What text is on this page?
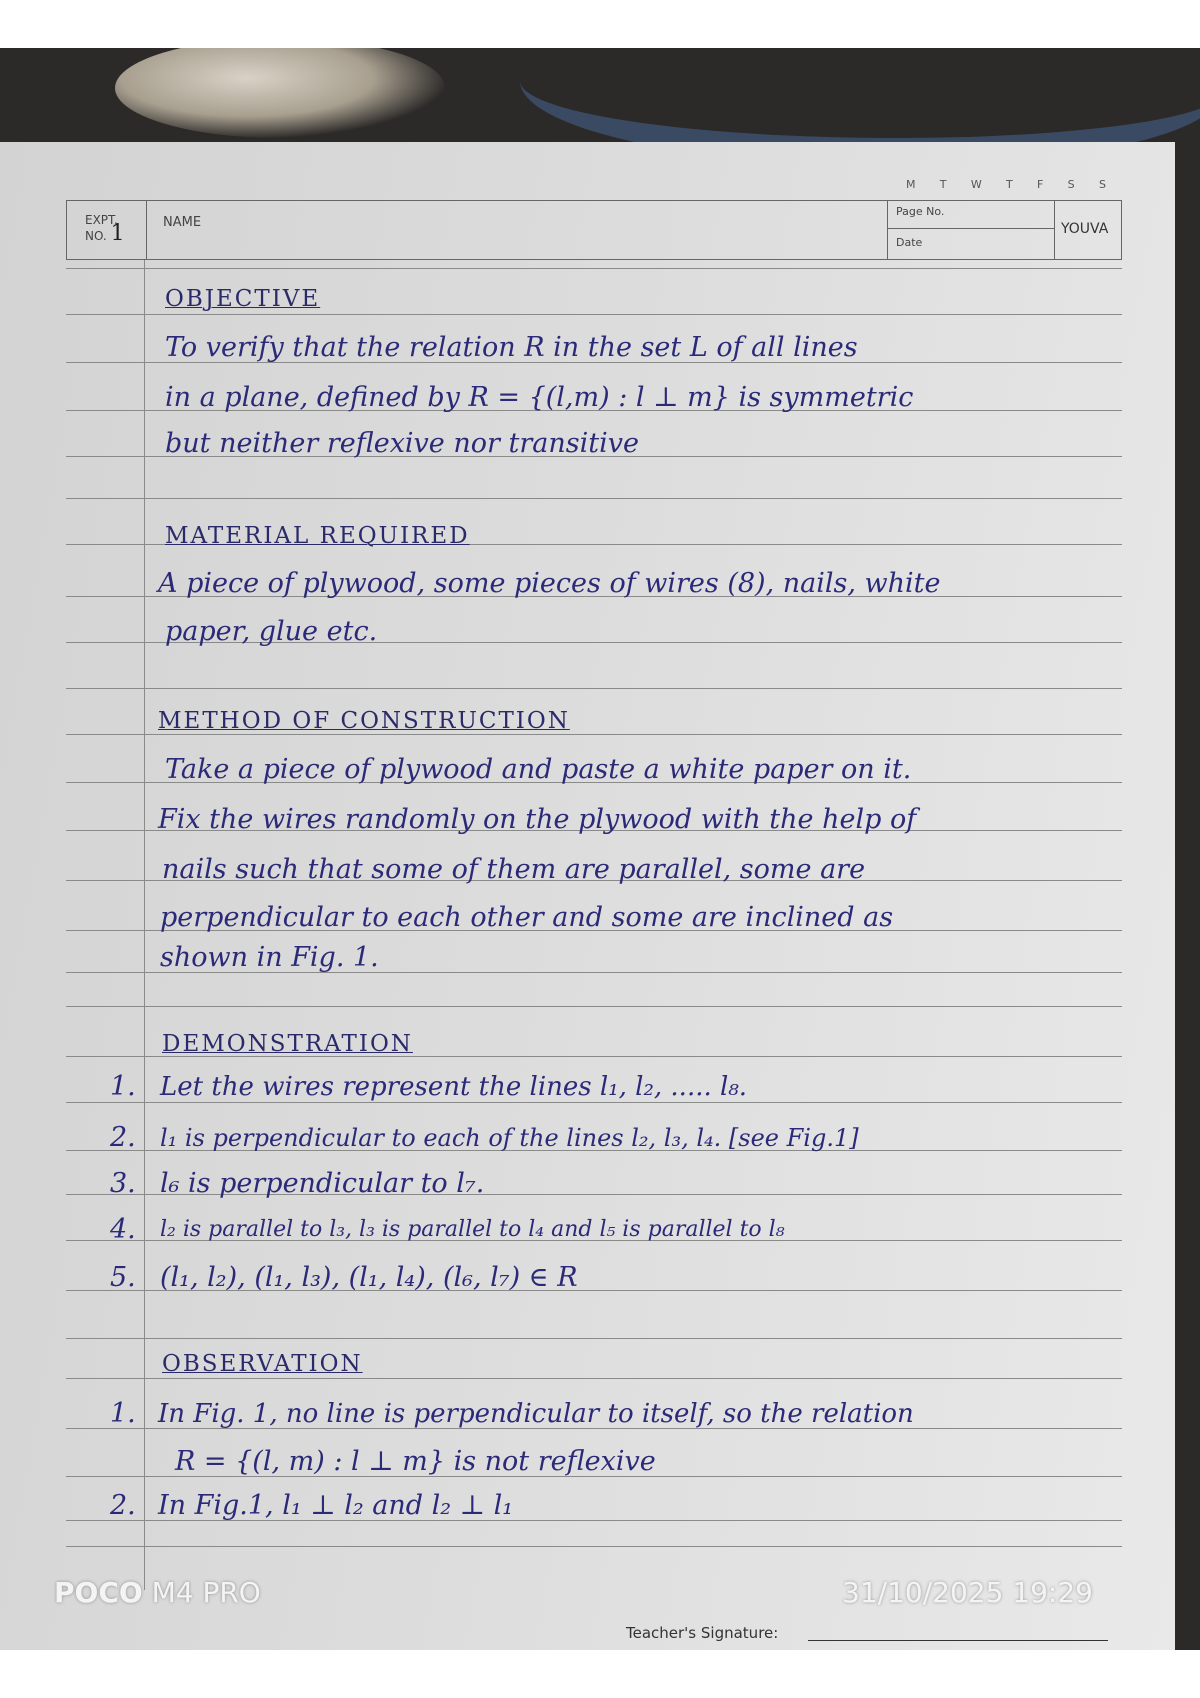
M T W T F S S
EXPT.
NO. 1	NAME
Page No.
Date
YOUVA
OBJECTIVE
To verify that the relation R in the set L of all lines
in a plane, defined by R = {(l,m) : l ⊥ m} is symmetric
but neither reflexive nor transitive
MATERIAL REQUIRED
A piece of plywood, some pieces of wires (8), nails, white
paper, glue etc.
METHOD OF CONSTRUCTION
Take a piece of plywood and paste a white paper on it.
Fix the wires randomly on the plywood with the help of
nails such that some of them are parallel, some are
perpendicular to each other and some are inclined as
shown in Fig. 1.
DEMONSTRATION
1. Let the wires represent the lines l₁, l₂, ..... l₈.
2. l₁ is perpendicular to each of the lines l₂, l₃, l₄. [see Fig.1]
3. l₆ is perpendicular to l₇.
4. l₂ is parallel to l₃, l₃ is parallel to l₄ and l₅ is parallel to l₈
5. (l₁, l₂), (l₁, l₃), (l₁, l₄), (l₆, l₇) ∈ R
OBSERVATION
1. In Fig. 1, no line is perpendicular to itself, so the relation
R = {(l, m) : l ⊥ m} is not reflexive
2. In Fig.1, l₁ ⊥ l₂ and l₂ ⊥ l₁
POCO M4 PRO	31/10/2025 19:29
Teacher's Signature:
